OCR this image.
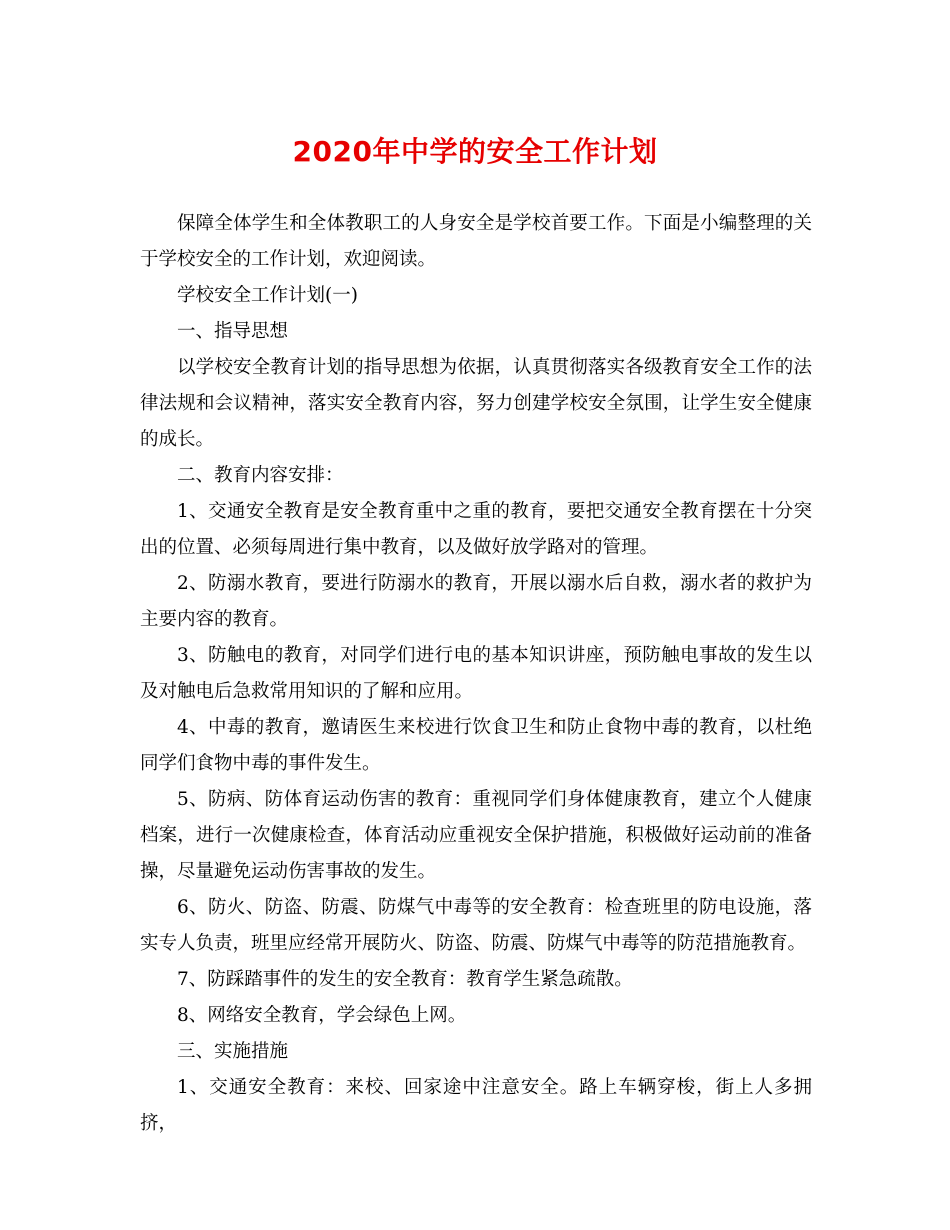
2020年中学的安全工作计划

保障全体学生和全体教职工的人身安全是学校首要工作。下面是小编整理的关于学校安全的工作计划，欢迎阅读。

学校安全工作计划(一)

一、指导思想

以学校安全教育计划的指导思想为依据，认真贯彻落实各级教育安全工作的法律法规和会议精神，落实安全教育内容，努力创建学校安全氛围，让学生安全健康的成长。

二、教育内容安排：

1、交通安全教育是安全教育重中之重的教育，要把交通安全教育摆在十分突出的位置、必须每周进行集中教育，以及做好放学路对的管理。

2、防溺水教育，要进行防溺水的教育，开展以溺水后自救，溺水者的救护为主要内容的教育。

3、防触电的教育，对同学们进行电的基本知识讲座，预防触电事故的发生以及对触电后急救常用知识的了解和应用。

4、中毒的教育，邀请医生来校进行饮食卫生和防止食物中毒的教育，以杜绝同学们食物中毒的事件发生。

5、防病、防体育运动伤害的教育：重视同学们身体健康教育，建立个人健康档案，进行一次健康检查，体育活动应重视安全保护措施，积极做好运动前的准备操，尽量避免运动伤害事故的发生。

6、防火、防盗、防震、防煤气中毒等的安全教育：检查班里的防电设施，落实专人负责，班里应经常开展防火、防盗、防震、防煤气中毒等的防范措施教育。

7、防踩踏事件的发生的安全教育：教育学生紧急疏散。

8、网络安全教育，学会绿色上网。

三、实施措施

1、交通安全教育：来校、回家途中注意安全。路上车辆穿梭，街上人多拥挤，
